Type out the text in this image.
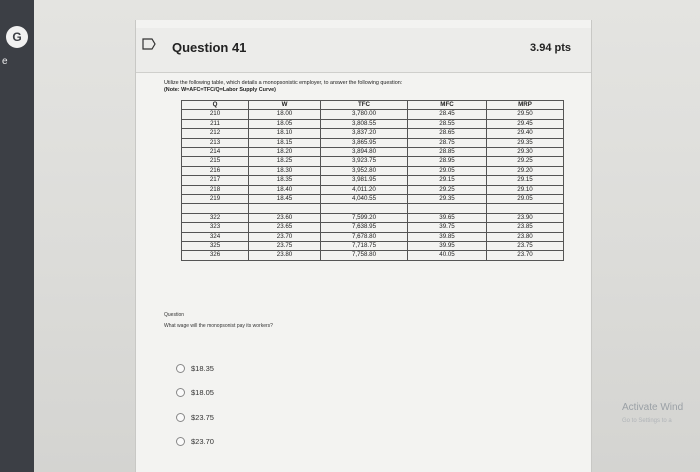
G
e
Question 41	3.94 pts
Utilize the following table, which details a monopsonistic employer, to answer the following question:
(Note: W=AFC=TFC/Q=Labor Supply Curve)
Q	W	TFC	MFC	MRP
210	18.00	3,780.00	28.45	29.50
211	18.05	3,808.55	28.55	29.45
212	18.10	3,837.20	28.65	29.40
213	18.15	3,865.95	28.75	29.35
214	18.20	3,894.80	28.85	29.30
215	18.25	3,923.75	28.95	29.25
216	18.30	3,952.80	29.05	29.20
217	18.35	3,981.95	29.15	29.15
218	18.40	4,011.20	29.25	29.10
219	18.45	4,040.55	29.35	29.05

322	23.60	7,599.20	39.65	23.90
323	23.65	7,638.95	39.75	23.85
324	23.70	7,678.80	39.85	23.80
325	23.75	7,718.75	39.95	23.75
326	23.80	7,758.80	40.05	23.70
Question
What wage will the monopsonist pay its workers?
$18.35
$18.05
$23.75
$23.70
Activate Wind
Go to Settings to a
